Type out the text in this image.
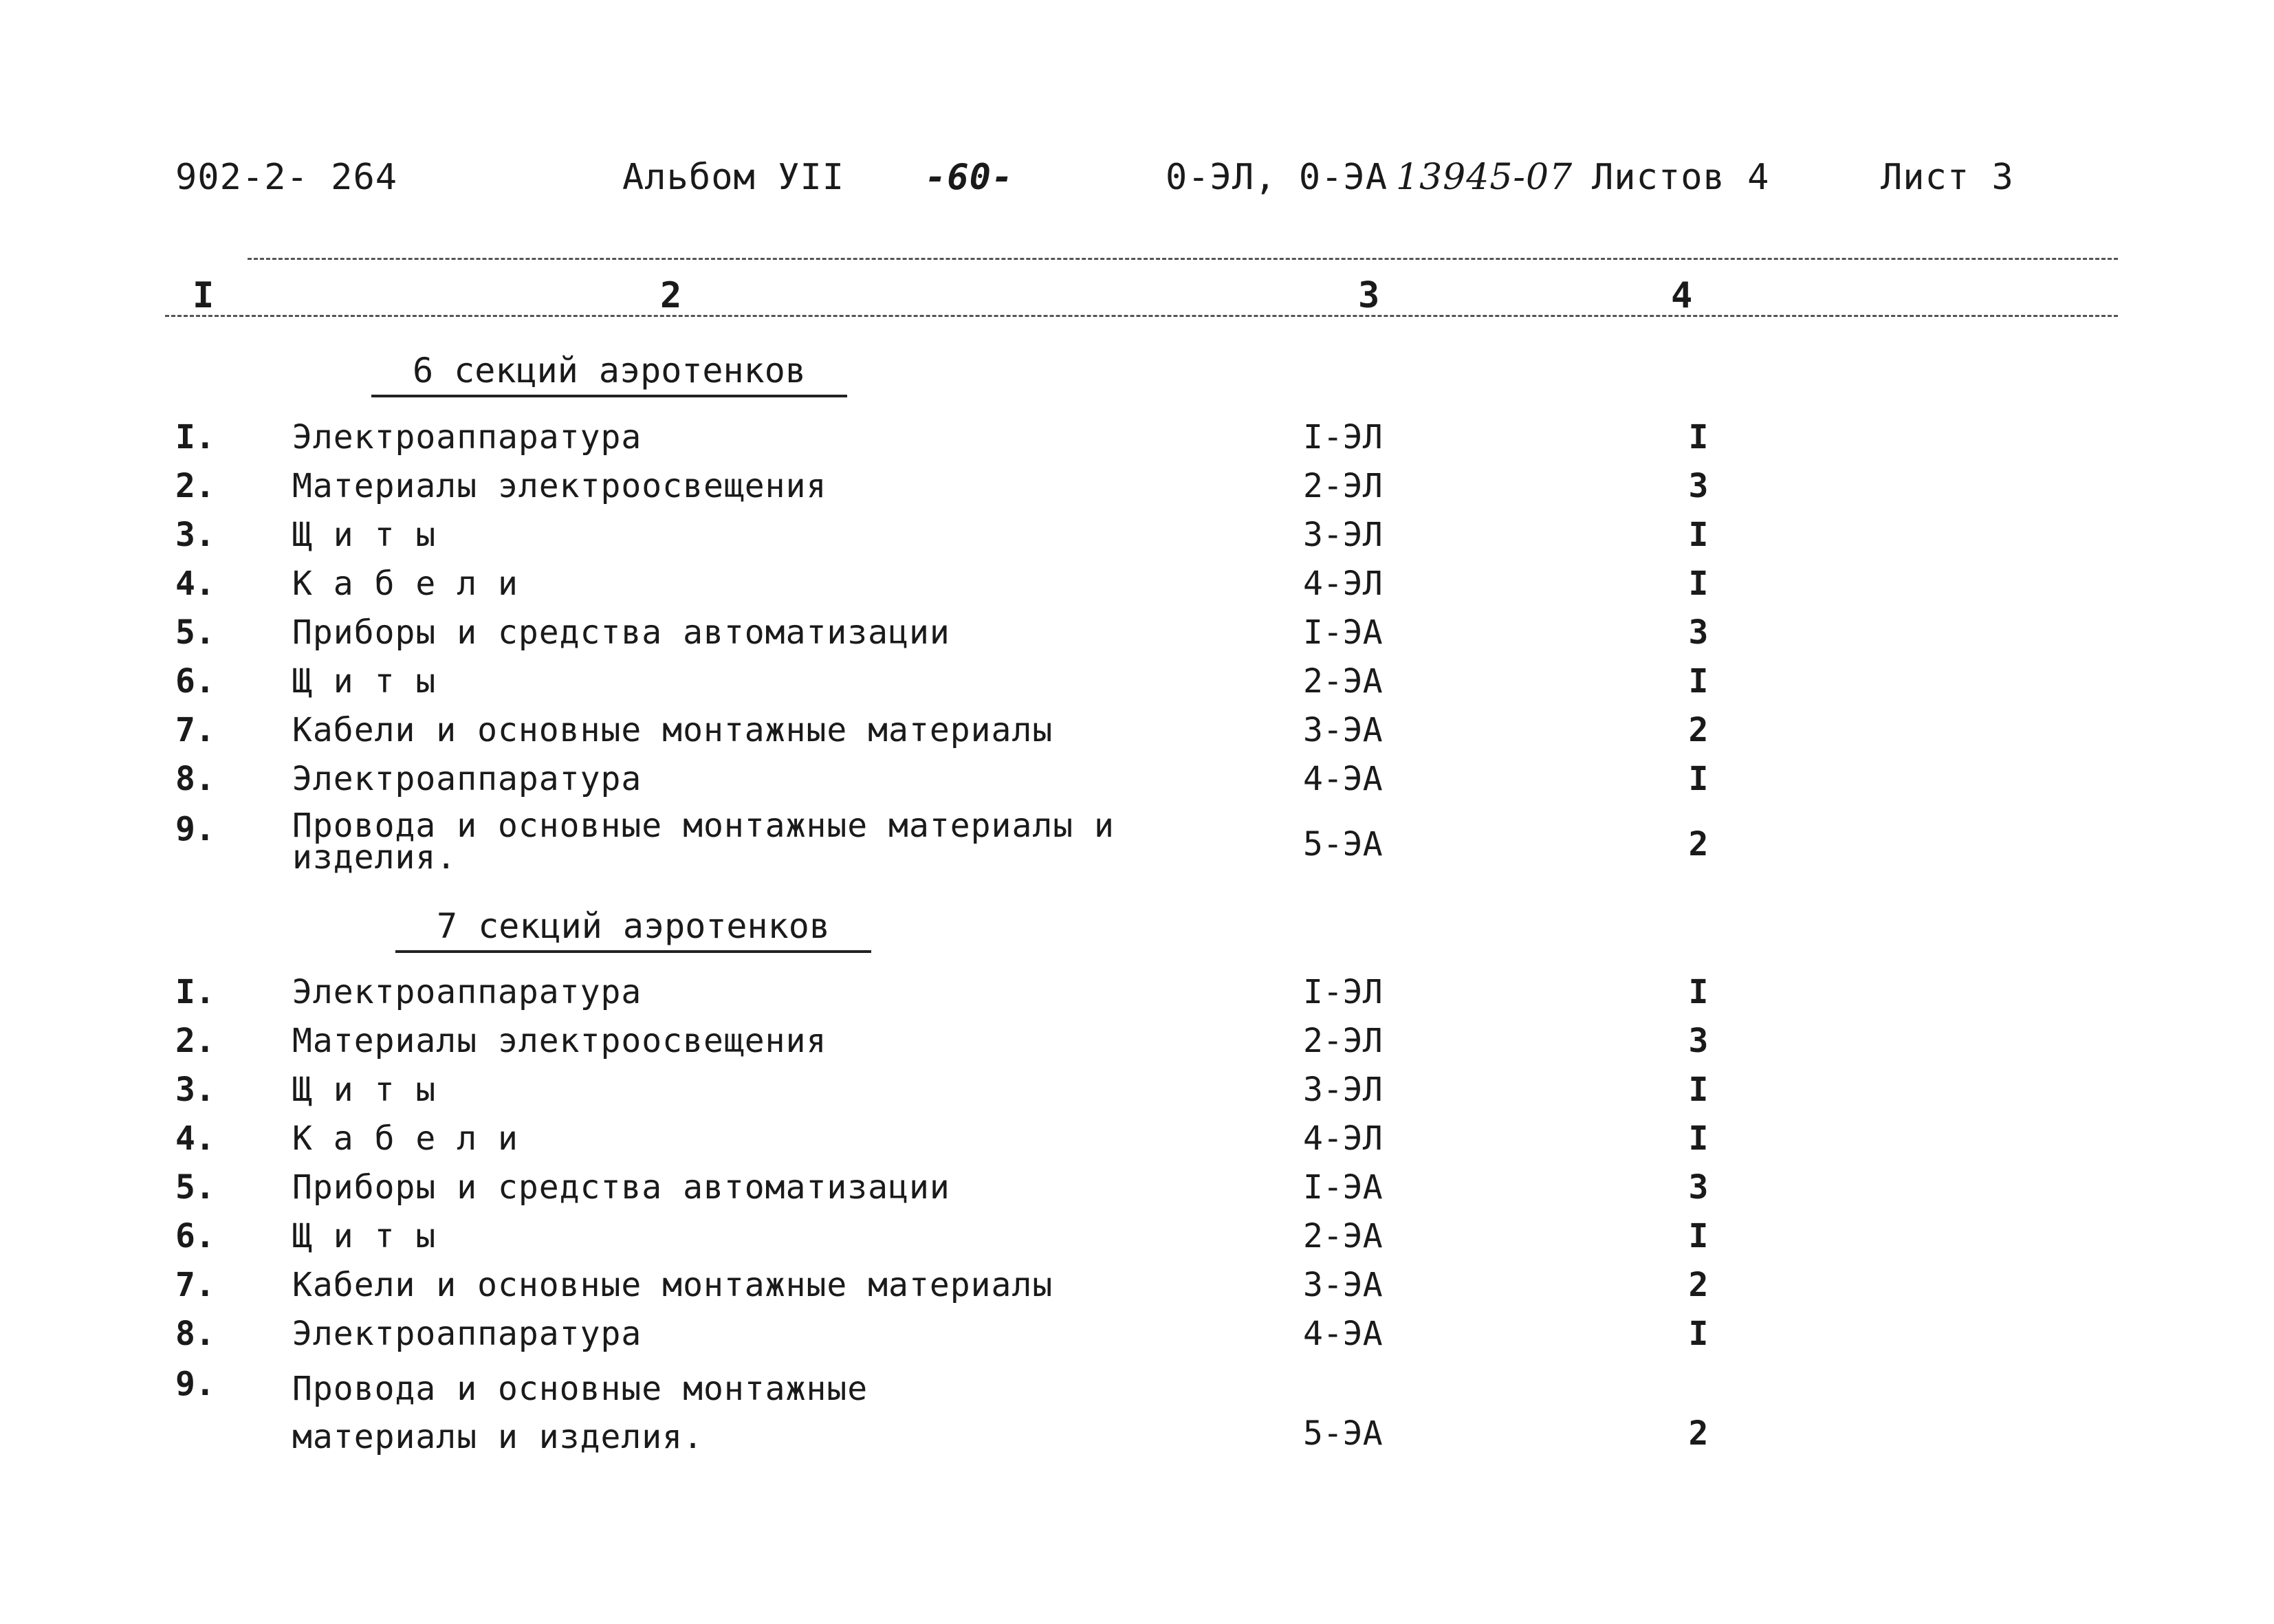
902-2- 264	Альбом УII -60-	0-ЭЛ, 0-ЭА 13945-07 Листов 4	Лист 3
I	2	3	4
6 секций аэротенков
I. Электроаппаратура	I-ЭЛ	I
2. Материалы электроосвещения	2-ЭЛ	3
3. Щ и т ы	3-ЭЛ	I
4. К а б е л и	4-ЭЛ	I
5. Приборы и средства автоматизации	I-ЭА	3
6. Щ и т ы	2-ЭА	I
7. Кабели и основные монтажные материалы	3-ЭА	2
8. Электроаппаратура	4-ЭА	I
9. Провода и основные монтажные материалы и изделия.	5-ЭА	2
7 секций аэротенков
I. Электроаппаратура	I-ЭЛ	I
2. Материалы электроосвещения	2-ЭЛ	3
3. Щ и т ы	3-ЭЛ	I
4. К а б е л и	4-ЭЛ	I
5. Приборы и средства автоматизации	I-ЭА	3
6. Щ и т ы	2-ЭА	I
7. Кабели и основные монтажные материалы	3-ЭА	2
8. Электроаппаратура	4-ЭА	I
9. Провода и основные монтажные материалы и изделия.	5-ЭА	2
